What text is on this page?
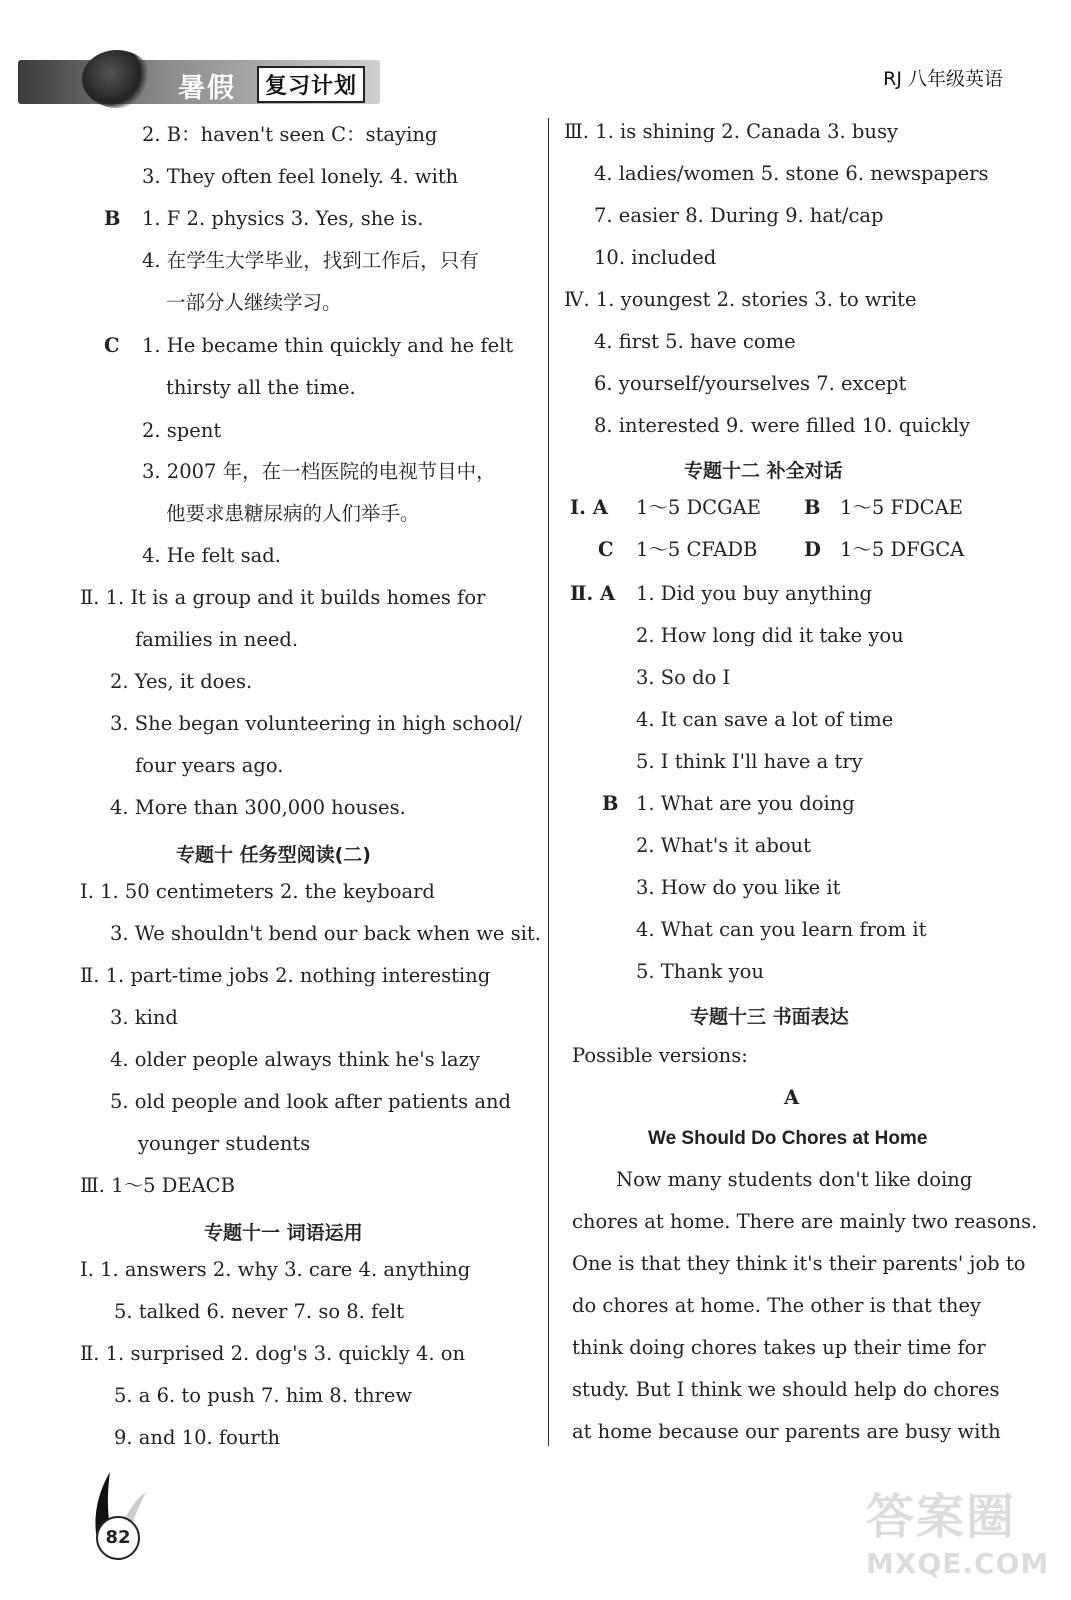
暑假	复习计划	RJ 八年级英语
2. B：haven't seen C：staying
3. They often feel lonely. 4. with
B 1. F 2. physics 3. Yes, she is.
4. 在学生大学毕业，找到工作后，只有
一部分人继续学习。
C 1. He became thin quickly and he felt
thirsty all the time.
2. spent
3. 2007 年，在一档医院的电视节目中，
他要求患糖尿病的人们举手。
4. He felt sad.
Ⅱ. 1. It is a group and it builds homes for
families in need.
2. Yes, it does.
3. She began volunteering in high school/
four years ago.
4. More than 300,000 houses.
专题十 任务型阅读(二)
Ⅰ. 1. 50 centimeters 2. the keyboard
3. We shouldn't bend our back when we sit.
Ⅱ. 1. part-time jobs 2. nothing interesting
3. kind
4. older people always think he's lazy
5. old people and look after patients and
younger students
Ⅲ. 1～5 DEACB
专题十一 词语运用
Ⅰ. 1. answers 2. why 3. care 4. anything
5. talked 6. never 7. so 8. felt
Ⅱ. 1. surprised 2. dog's 3. quickly 4. on
5. a 6. to push 7. him 8. threw
9. and 10. fourth
Ⅲ. 1. is shining 2. Canada 3. busy
4. ladies/women 5. stone 6. newspapers
7. easier 8. During 9. hat/cap
10. included
Ⅳ. 1. youngest 2. stories 3. to write
4. first 5. have come
6. yourself/yourselves 7. except
8. interested 9. were filled 10. quickly
专题十二 补全对话
Ⅰ. A 1～5 DCGAE B 1～5 FDCAE
C 1～5 CFADB D 1～5 DFGCA
Ⅱ. A 1. Did you buy anything
2. How long did it take you
3. So do I
4. It can save a lot of time
5. I think I'll have a try
B 1. What are you doing
2. What's it about
3. How do you like it
4. What can you learn from it
5. Thank you
专题十三 书面表达
Possible versions:
A
We Should Do Chores at Home
Now many students don't like doing
chores at home. There are mainly two reasons.
One is that they think it's their parents' job to
do chores at home. The other is that they
think doing chores takes up their time for
study. But I think we should help do chores
at home because our parents are busy with
82	答案圈
MXQE.COM
